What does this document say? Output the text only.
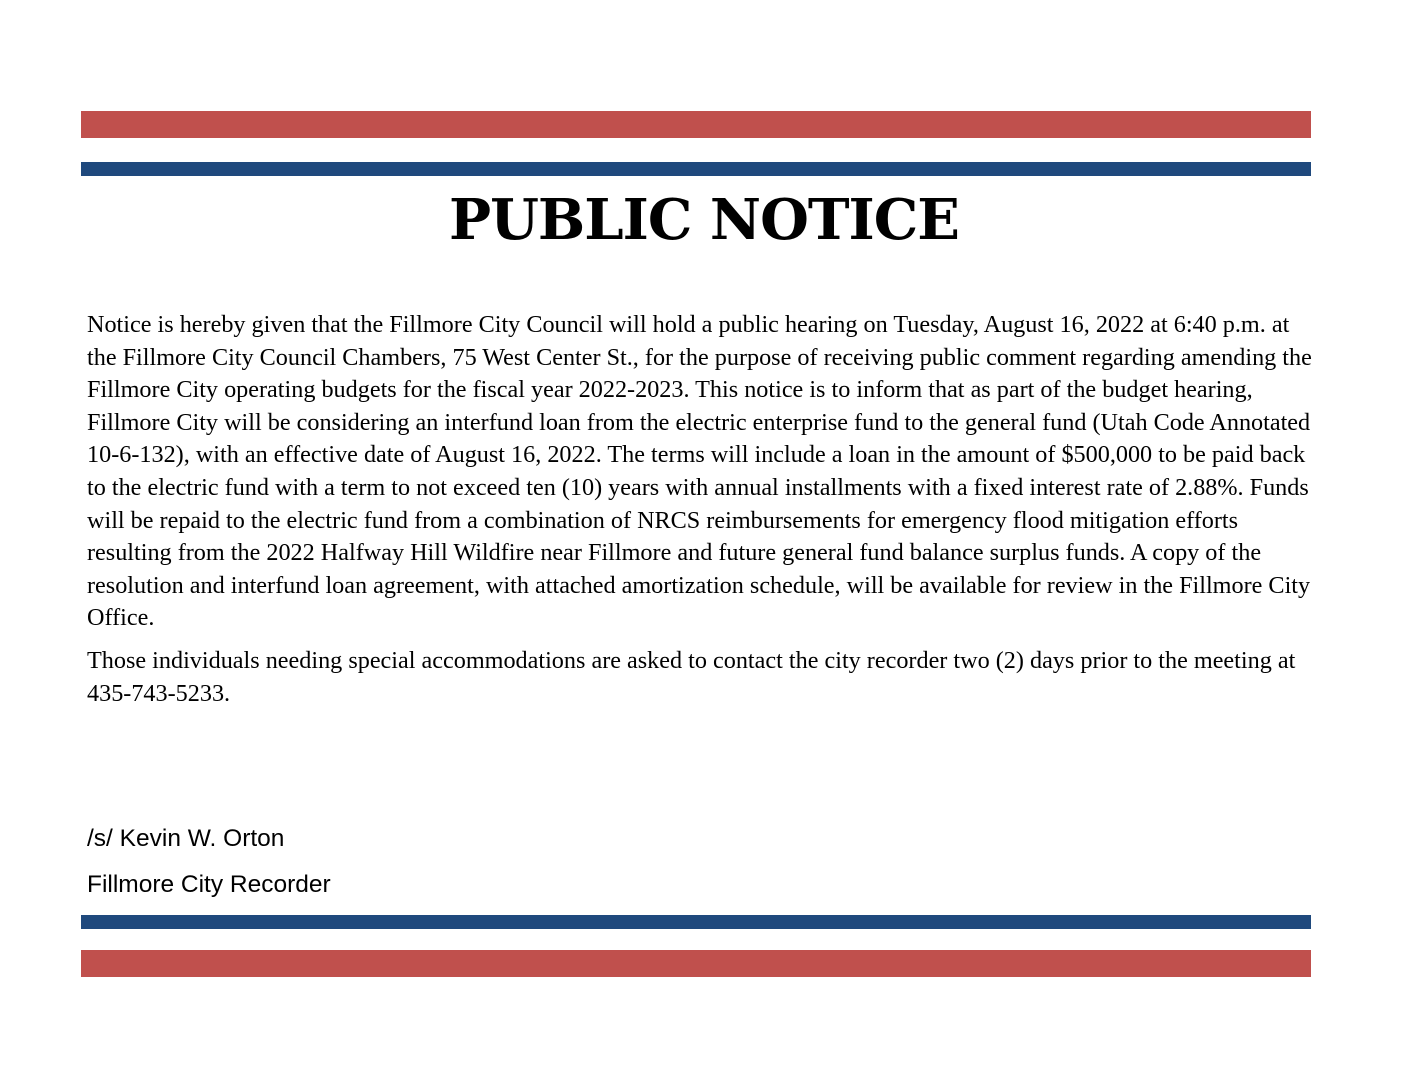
PUBLIC NOTICE

Notice is hereby given that the Fillmore City Council will hold a public hearing on Tuesday, August 16, 2022 at 6:40 p.m. at the Fillmore City Council Chambers, 75 West Center St., for the purpose of receiving public comment regarding amending the Fillmore City operating budgets for the fiscal year 2022-2023. This notice is to inform that as part of the budget hearing, Fillmore City will be considering an interfund loan from the electric enterprise fund to the general fund (Utah Code Annotated 10-6-132), with an effective date of August 16, 2022. The terms will include a loan in the amount of $500,000 to be paid back to the electric fund with a term to not exceed ten (10) years with annual installments with a fixed interest rate of 2.88%. Funds will be repaid to the electric fund from a combination of NRCS reimbursements for emergency flood mitigation efforts resulting from the 2022 Halfway Hill Wildfire near Fillmore and future general fund balance surplus funds. A copy of the resolution and interfund loan agreement, with attached amortization schedule, will be available for review in the Fillmore City Office.

Those individuals needing special accommodations are asked to contact the city recorder two (2) days prior to the meeting at 435-743-5233.

/s/ Kevin W. Orton
Fillmore City Recorder
